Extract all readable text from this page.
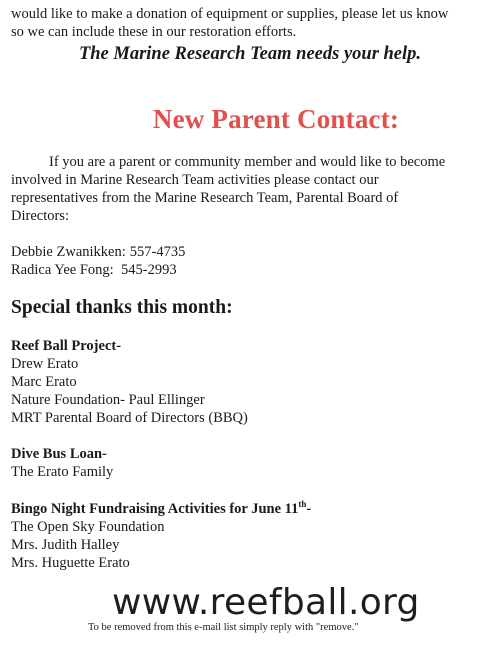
would like to make a donation of equipment or supplies, please let us know

so we can include these in our restoration efforts.

The Marine Research Team needs your help.
New Parent Contact:

If you are a parent or community member and would like to become

involved in Marine Research Team activities please contact our

representatives from the Marine Research Team, Parental Board of

Directors:

Debbie Zwanikken: 557-4735
Radica Yee Fong: 545-2993
Special thanks this month:
Reef Ball Project-
Drew Erato
Marc Erato
Nature Foundation- Paul Ellinger
MRT Parental Board of Directors (BBQ)
Dive Bus Loan-
The Erato Family
Bingo Night Fundraising Activities for June 11th-
The Open Sky Foundation
Mrs. Judith Halley
Mrs. Huguette Erato
www.reefball.org
To be removed from this e-mail list simply reply with "remove."
